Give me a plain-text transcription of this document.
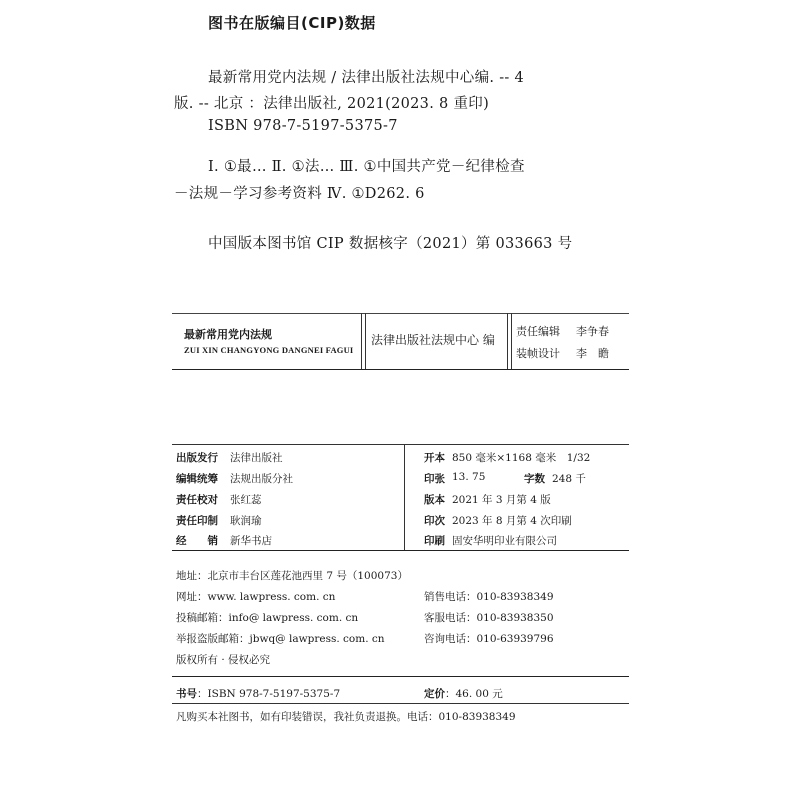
图书在版编目(CIP)数据
最新常用党内法规 / 法律出版社法规中心编. -- 4
版. -- 北京 ：法律出版社, 2021(2023. 8 重印)
ISBN 978-7-5197-5375-7
Ⅰ. ①最… Ⅱ. ①法… Ⅲ. ①中国共产党－纪律检查
－法规－学习参考资料 Ⅳ. ①D262. 6
中国版本图书馆 CIP 数据核字（2021）第 033663 号
最新常用党内法规
ZUI XIN CHANGYONG DANGNEI FAGUI
法律出版社法规中心 编
责任编辑 李争春
装帧设计 李　瞻
出版发行 法律出版社
编辑统筹 法规出版分社
责任校对 张红蕊
责任印制 耿润瑜
经　　销 新华书店
开本 850 毫米×1168 毫米　1/32
印张 13. 75	字数 248 千
版本 2021 年 3 月第 4 版
印次 2023 年 8 月第 4 次印刷
印刷 固安华明印业有限公司
地址：北京市丰台区莲花池西里 7 号（100073）
网址：www. lawpress. com. cn
投稿邮箱：info@ lawpress. com. cn
举报盗版邮箱：jbwq@ lawpress. com. cn
版权所有 · 侵权必究
销售电话：010-83938349
客服电话：010-83938350
咨询电话：010-63939796
书号：ISBN 978-7-5197-5375-7	定价：46. 00 元
凡购买本社图书，如有印装错误，我社负责退换。电话：010-83938349
